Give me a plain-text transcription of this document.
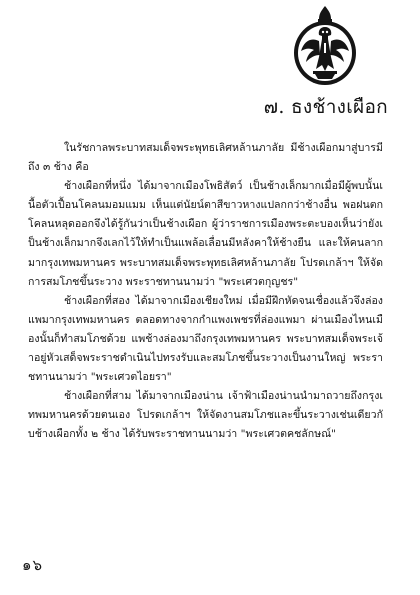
๗. ธงช้างเผือก

ในรัชกาลพระบาทสมเด็จพระพุทธเลิศหล้านภาลัย มีช้างเผือกมาสู่บารมีถึง ๓ ช้าง คือ

ช้างเผือกที่หนึ่ง ได้มาจากเมืองโพธิสัตว์ เป็นช้างเล็กมากเมื่อมีผู้พบนั้นเนื้อตัวเปื้อนโคลนมอมแมม เห็นแต่นัยน์ตาสีขาวหางแปลกกว่าช้างอื่น พอฝนตกโคลนหลุดออกจึงได้รู้กันว่าเป็นช้างเผือก ผู้ว่าราชการเมืองพระตะบองเห็นว่ายังเป็นช้างเล็กมากจึงเลกไว้ให้ทำเป็นแพล้อเลื่อนมีหลังคาให้ช้างยืน และให้คนลากมากรุงเทพมหานคร พระบาทสมเด็จพระพุทธเลิศหล้านภาลัย โปรดเกล้าฯ ให้จัดการสมโภชขึ้นระวาง พระราชทานนามว่า "พระเศวตกุญชร"

ช้างเผือกที่สอง ได้มาจากเมืองเชียงใหม่ เมื่อมีฝึกหัดจนเชื่องแล้วจึงล่องแพมากรุงเทพมหานคร ตลอดทางจากกำแพงเพชรที่ล่องแพมา ผ่านเมืองไหนเมืองนั้นก็ทำสมโภชด้วย แพช้างล่องมาถึงกรุงเทพมหานคร พระบาทสมเด็จพระเจ้าอยู่หัวเสด็จพระราชดำเนินไปทรงรับและสมโภชขึ้นระวางเป็นงานใหญ่ พระราชทานนามว่า "พระเศวตไอยรา"

ช้างเผือกที่สาม ได้มาจากเมืองน่าน เจ้าฟ้าเมืองน่านนำมาถวายถึงกรุงเทพมหานครด้วยตนเอง โปรดเกล้าฯ ให้จัดงานสมโภชและขึ้นระวางเช่นเดียวกับช้างเผือกทั้ง ๒ ช้าง ได้รับพระราชทานนามว่า "พระเศวตคชลักษณ์"

๑๖
